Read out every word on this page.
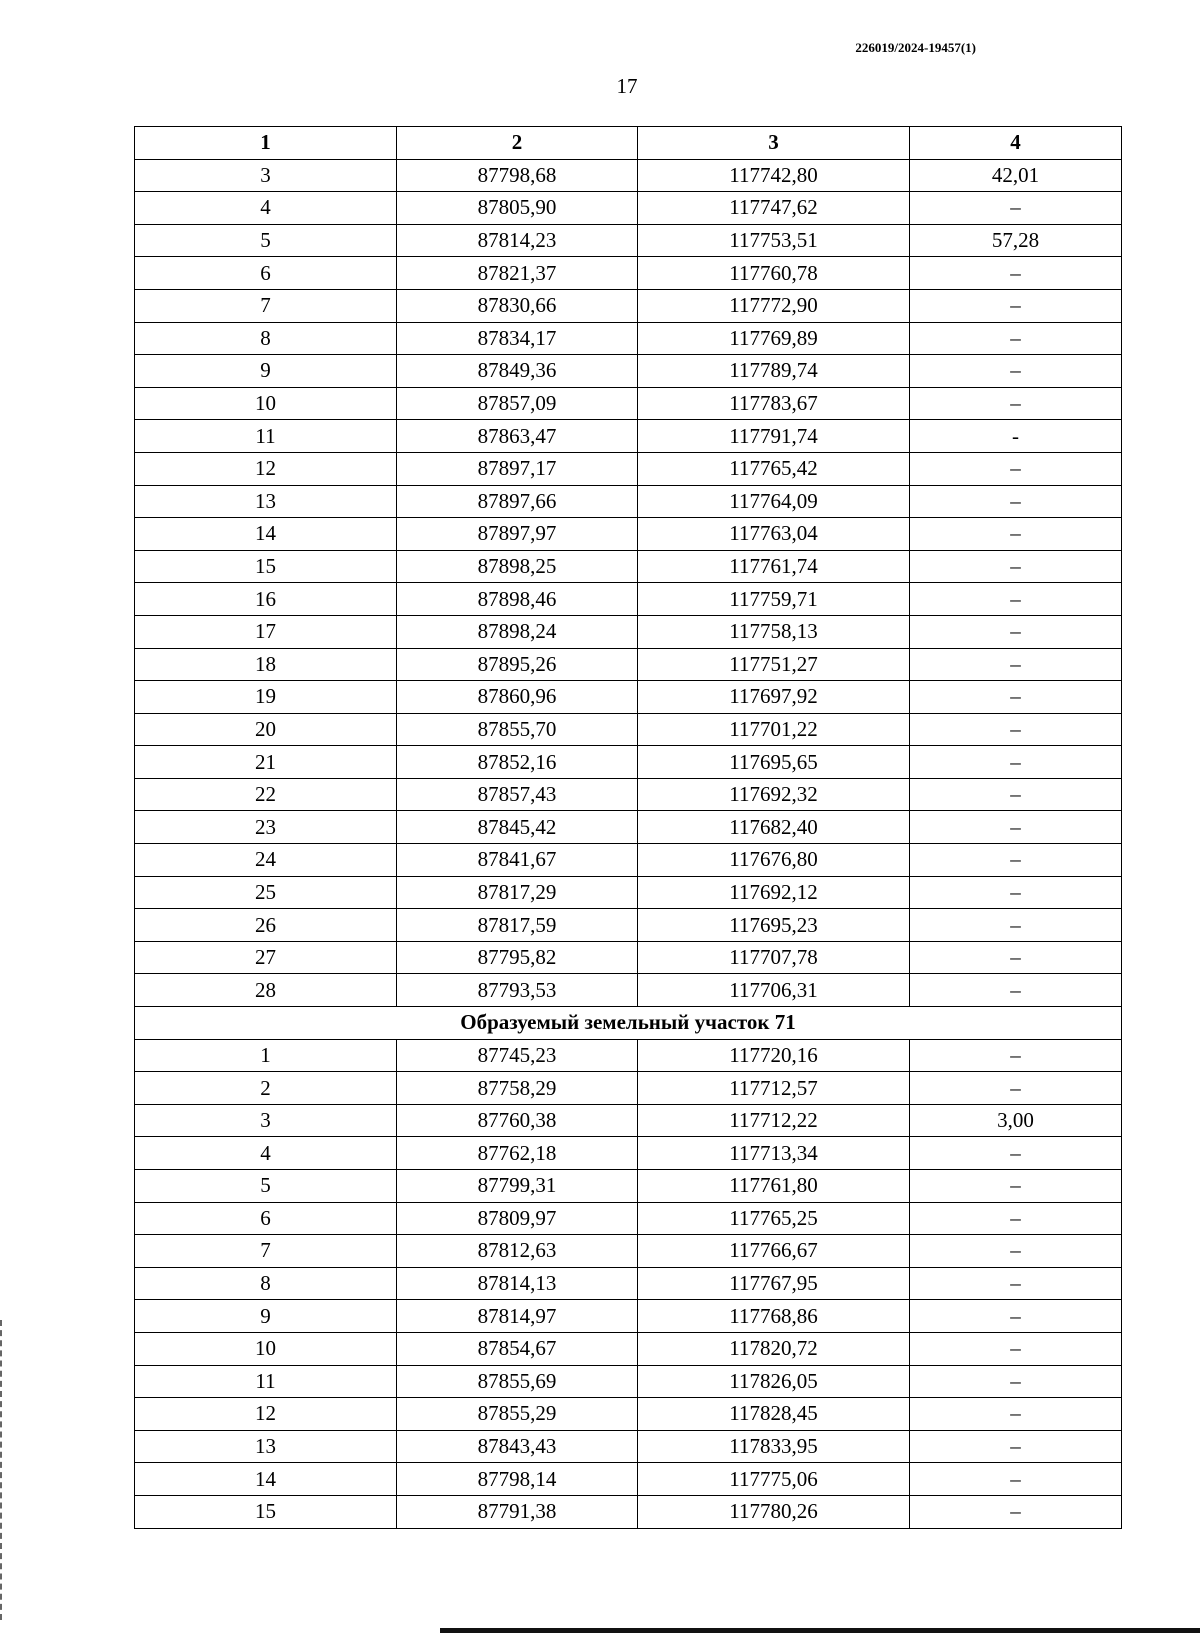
226019/2024-19457(1)
17
1	2	3	4
3	87798,68	117742,80	42,01
4	87805,90	117747,62	–
5	87814,23	117753,51	57,28
6	87821,37	117760,78	–
7	87830,66	117772,90	–
8	87834,17	117769,89	–
9	87849,36	117789,74	–
10	87857,09	117783,67	–
11	87863,47	117791,74	-
12	87897,17	117765,42	–
13	87897,66	117764,09	–
14	87897,97	117763,04	–
15	87898,25	117761,74	–
16	87898,46	117759,71	–
17	87898,24	117758,13	–
18	87895,26	117751,27	–
19	87860,96	117697,92	–
20	87855,70	117701,22	–
21	87852,16	117695,65	–
22	87857,43	117692,32	–
23	87845,42	117682,40	–
24	87841,67	117676,80	–
25	87817,29	117692,12	–
26	87817,59	117695,23	–
27	87795,82	117707,78	–
28	87793,53	117706,31	–
Образуемый земельный участок 71			
1	87745,23	117720,16	–
2	87758,29	117712,57	–
3	87760,38	117712,22	3,00
4	87762,18	117713,34	–
5	87799,31	117761,80	–
6	87809,97	117765,25	–
7	87812,63	117766,67	–
8	87814,13	117767,95	–
9	87814,97	117768,86	–
10	87854,67	117820,72	–
11	87855,69	117826,05	–
12	87855,29	117828,45	–
13	87843,43	117833,95	–
14	87798,14	117775,06	–
15	87791,38	117780,26	–
